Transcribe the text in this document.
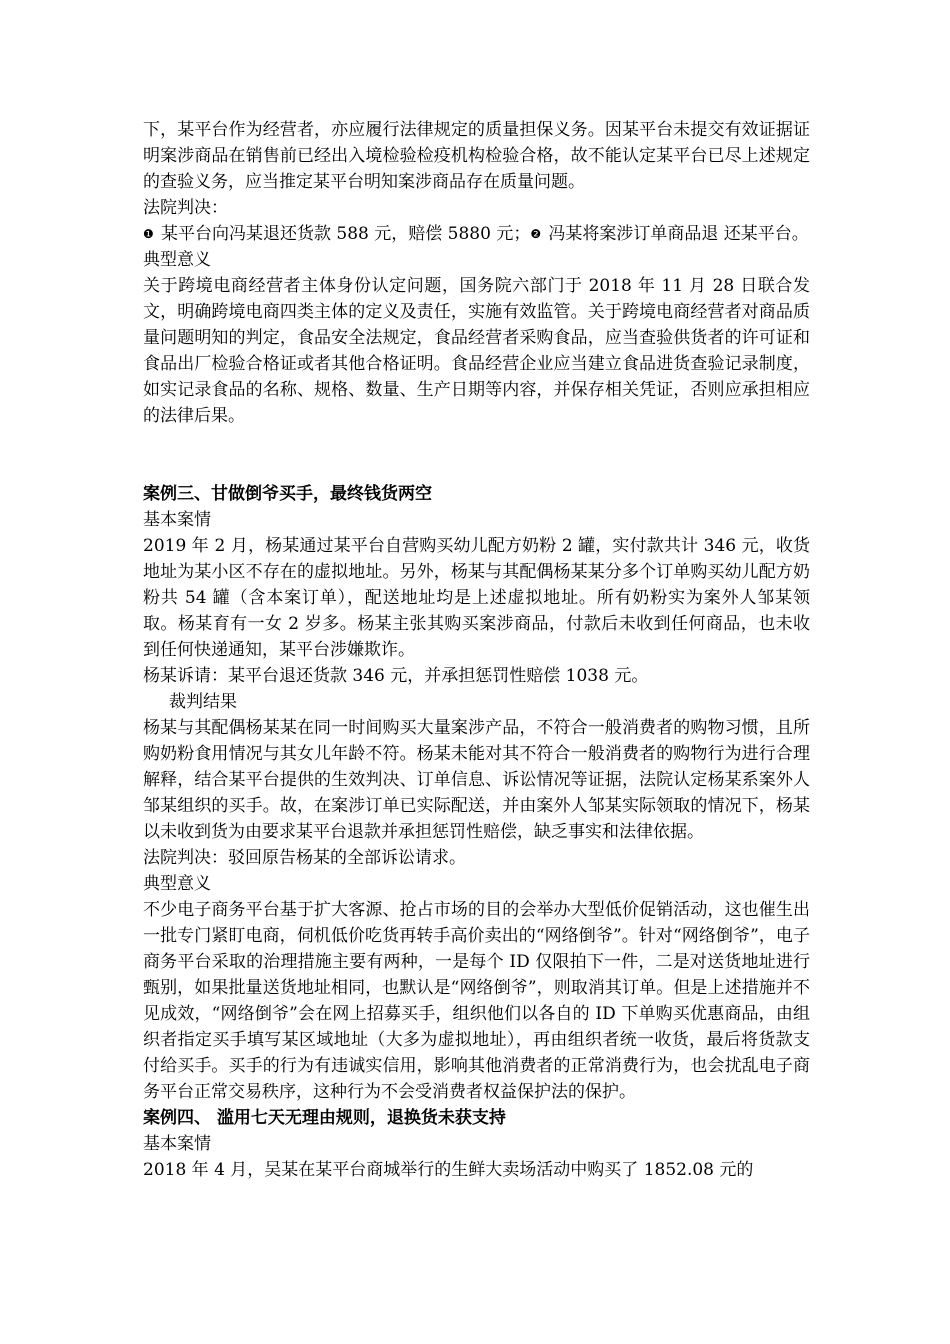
下，某平台作为经营者，亦应履行法律规定的质量担保义务。因某平台未提交有效证据证明案涉商品在销售前已经出入境检验检疫机构检验合格，故不能认定某平台已尽上述规定的查验义务，应当推定某平台明知案涉商品存在质量问题。

法院判决：

❶ 某平台向冯某退还货款 588 元，赔偿 5880 元；❷ 冯某将案涉订单商品退 还某平台。

典型意义

关于跨境电商经营者主体身份认定问题，国务院六部门于 2018 年 11 月 28 日联合发文，明确跨境电商四类主体的定义及责任，实施有效监管。关于跨境电商经营者对商品质量问题明知的判定，食品安全法规定，食品经营者采购食品，应当查验供货者的许可证和食品出厂检验合格证或者其他合格证明。食品经营企业应当建立食品进货查验记录制度，如实记录食品的名称、规格、数量、生产日期等内容，并保存相关凭证，否则应承担相应的法律后果。

案例三、甘做倒爷买手，最终钱货两空

基本案情

2019 年 2 月，杨某通过某平台自营购买幼儿配方奶粉 2 罐，实付款共计 346 元，收货地址为某小区不存在的虚拟地址。另外，杨某与其配偶杨某某分多个订单购买幼儿配方奶粉共 54 罐（含本案订单），配送地址均是上述虚拟地址。所有奶粉实为案外人邹某领取。杨某育有一女 2 岁多。杨某主张其购买案涉商品，付款后未收到任何商品，也未收到任何快递通知，某平台涉嫌欺诈。

杨某诉请：某平台退还货款 346 元，并承担惩罚性赔偿 1038 元。

裁判结果

杨某与其配偶杨某某在同一时间购买大量案涉产品，不符合一般消费者的购物习惯，且所购奶粉食用情况与其女儿年龄不符。杨某未能对其不符合一般消费者的购物行为进行合理解释，结合某平台提供的生效判决、订单信息、诉讼情况等证据，法院认定杨某系案外人邹某组织的买手。故，在案涉订单已实际配送，并由案外人邹某实际领取的情况下，杨某以未收到货为由要求某平台退款并承担惩罚性赔偿，缺乏事实和法律依据。

法院判决：驳回原告杨某的全部诉讼请求。

典型意义

不少电子商务平台基于扩大客源、抢占市场的目的会举办大型低价促销活动，这也催生出一批专门紧盯电商，伺机低价吃货再转手高价卖出的“网络倒爷”。针对“网络倒爷”，电子商务平台采取的治理措施主要有两种，一是每个 ID 仅限拍下一件，二是对送货地址进行甄别，如果批量送货地址相同，也默认是“网络倒爷”，则取消其订单。但是上述措施并不见成效，“网络倒爷”会在网上招募买手，组织他们以各自的 ID 下单购买优惠商品，由组织者指定买手填写某区域地址（大多为虚拟地址），再由组织者统一收货，最后将货款支付给买手。买手的行为有违诚实信用，影响其他消费者的正常消费行为，也会扰乱电子商务平台正常交易秩序，这种行为不会受消费者权益保护法的保护。

案例四、 滥用七天无理由规则，退换货未获支持

基本案情

2018 年 4 月，吴某在某平台商城举行的生鲜大卖场活动中购买了 1852.08 元的
